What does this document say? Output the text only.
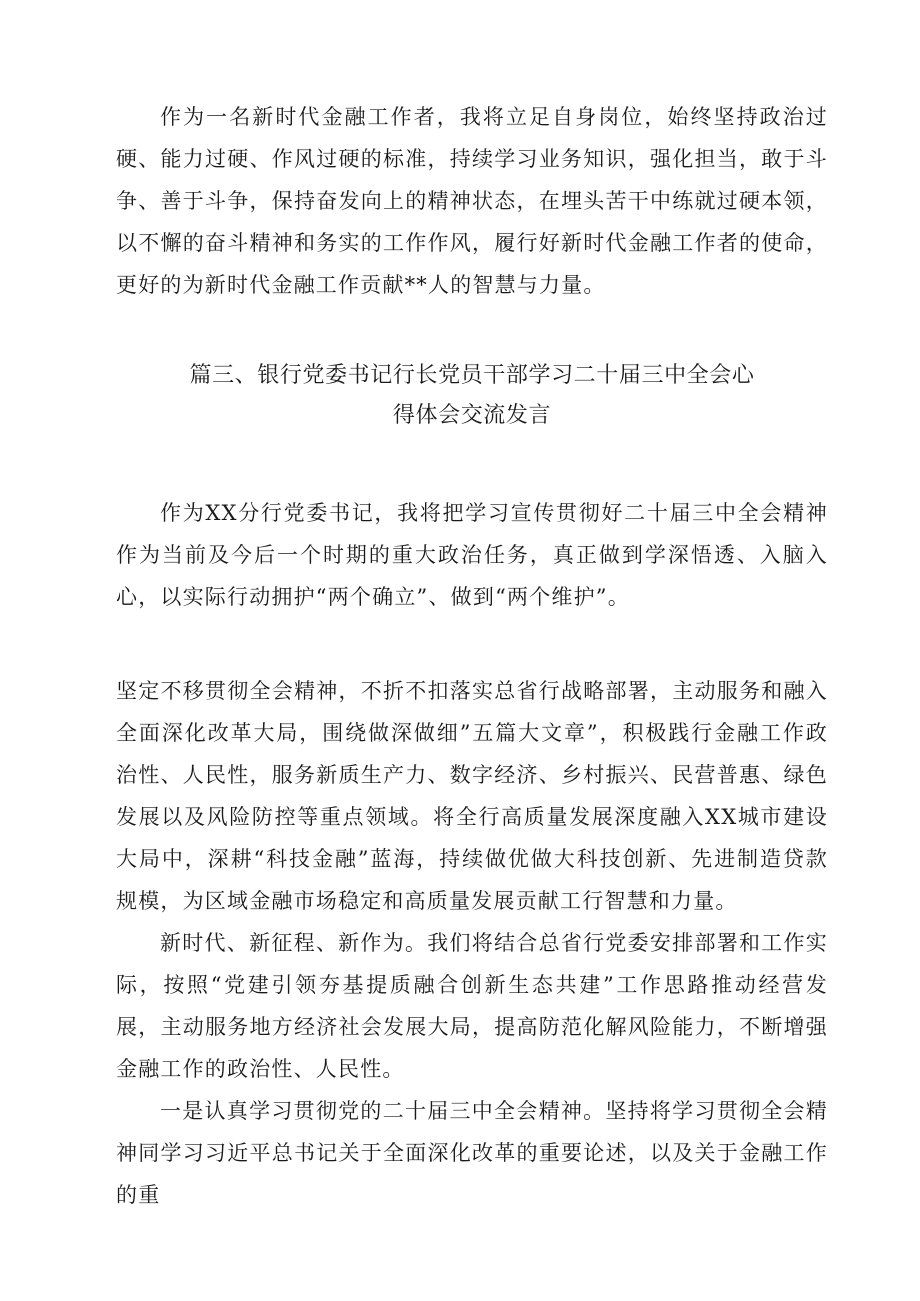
作为一名新时代金融工作者，我将立足自身岗位，始终坚持政治过硬、能力过硬、作风过硬的标准，持续学习业务知识，强化担当，敢于斗争、善于斗争，保持奋发向上的精神状态，在埋头苦干中练就过硬本领，以不懈的奋斗精神和务实的工作作风，履行好新时代金融工作者的使命，更好的为新时代金融工作贡献**人的智慧与力量。

篇三、银行党委书记行长党员干部学习二十届三中全会心
得体会交流发言

作为XX分行党委书记，我将把学习宣传贯彻好二十届三中全会精神作为当前及今后一个时期的重大政治任务，真正做到学深悟透、入脑入心，以实际行动拥护“两个确立”、做到“两个维护”。

坚定不移贯彻全会精神，不折不扣落实总省行战略部署，主动服务和融入全面深化改革大局，围绕做深做细”五篇大文章”，积极践行金融工作政治性、人民性，服务新质生产力、数字经济、乡村振兴、民营普惠、绿色发展以及风险防控等重点领域。将全行高质量发展深度融入XX城市建设大局中，深耕“科技金融”蓝海，持续做优做大科技创新、先进制造贷款规模，为区域金融市场稳定和高质量发展贡献工行智慧和力量。

新时代、新征程、新作为。我们将结合总省行党委安排部署和工作实际，按照“党建引领夯基提质融合创新生态共建”工作思路推动经营发展，主动服务地方经济社会发展大局，提高防范化解风险能力，不断增强金融工作的政治性、人民性。

一是认真学习贯彻党的二十届三中全会精神。坚持将学习贯彻全会精神同学习习近平总书记关于全面深化改革的重要论述，以及关于金融工作的重
